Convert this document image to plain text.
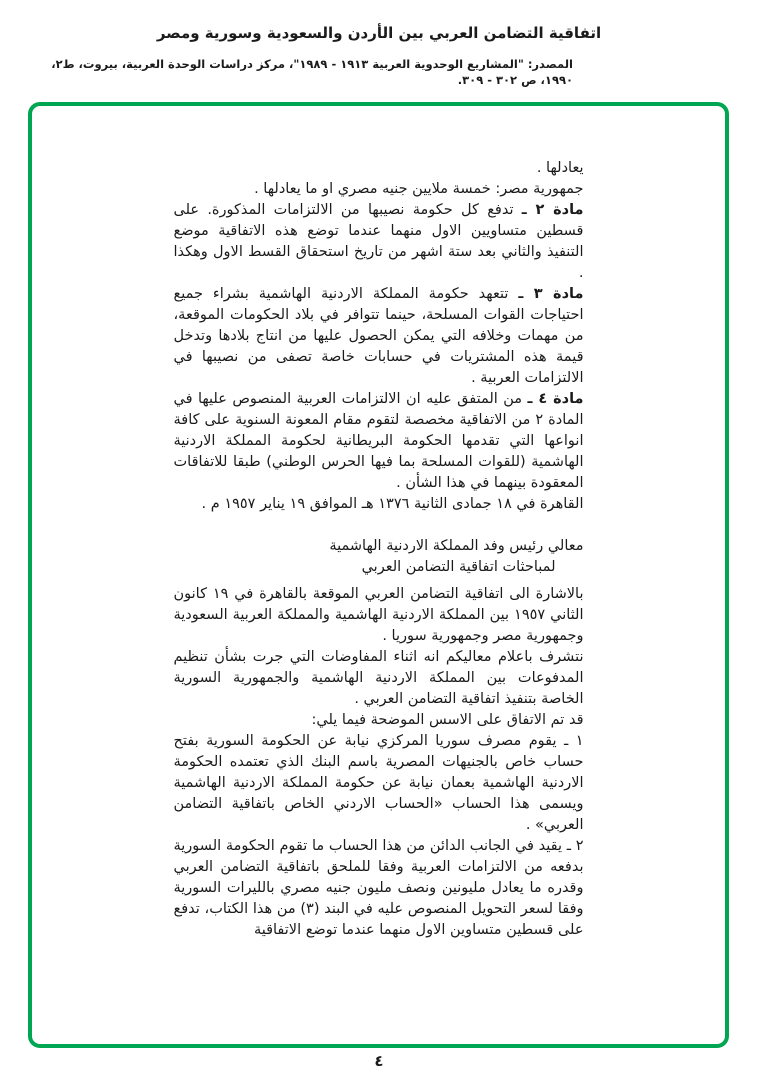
اتفاقية التضامن العربي بين الأردن والسعودية وسورية ومصر
المصدر: "المشاريع الوحدوية العربية ١٩١٣ - ١٩٨٩"، مركز دراسات الوحدة العربية، بيروت، ط٢، ١٩٩٠، ص ٣٠٢ - ٣٠٩.

يعادلها .

جمهورية مصر: خمسة ملايين جنيه مصري او ما يعادلها .

مادة ٢ ـ تدفع كل حكومة نصيبها من الالتزامات المذكورة. على قسطين متساويين الاول منهما عندما توضع هذه الاتفاقية موضع التنفيذ والثاني بعد ستة اشهر من تاريخ استحقاق القسط الاول وهكذا .

مادة ٣ ـ تتعهد حكومة المملكة الاردنية الهاشمية بشراء جميع احتياجات القوات المسلحة، حينما تتوافر في بلاد الحكومات الموقعة، من مهمات وخلافه التي يمكن الحصول عليها من انتاج بلادها وتدخل قيمة هذه المشتريات في حسابات خاصة تصفى من نصيبها في الالتزامات العربية .

مادة ٤ ـ من المتفق عليه ان الالتزامات العربية المنصوص عليها في المادة ٢ من الاتفاقية مخصصة لتقوم مقام المعونة السنوية على كافة انواعها التي تقدمها الحكومة البريطانية لحكومة المملكة الاردنية الهاشمية (للقوات المسلحة بما فيها الحرس الوطني) طبقا للاتفاقات المعقودة بينهما في هذا الشأن .

القاهرة في ١٨ جمادى الثانية ١٣٧٦ هـ الموافق ١٩ يناير ١٩٥٧ م .

معالي رئيس وفد المملكة الاردنية الهاشمية

لمباحثات اتفاقية التضامن العربي

بالاشارة الى اتفاقية التضامن العربي الموقعة بالقاهرة في ١٩ كانون الثاني ١٩٥٧ بين المملكة الاردنية الهاشمية والمملكة العربية السعودية وجمهورية مصر وجمهورية سوريا .

نتشرف باعلام معاليكم انه اثناء المفاوضات التي جرت بشأن تنظيم المدفوعات بين المملكة الاردنية الهاشمية والجمهورية السورية الخاصة بتنفيذ اتفاقية التضامن العربي .

قد تم الاتفاق على الاسس الموضحة فيما يلي:

١ ـ يقوم مصرف سوريا المركزي نيابة عن الحكومة السورية بفتح حساب خاص بالجنيهات المصرية باسم البنك الذي تعتمده الحكومة الاردنية الهاشمية بعمان نيابة عن حكومة المملكة الاردنية الهاشمية ويسمى هذا الحساب «الحساب الاردني الخاص باتفاقية التضامن العربي» .

٢ ـ يقيد في الجانب الدائن من هذا الحساب ما تقوم الحكومة السورية بدفعه من الالتزامات العربية وفقا للملحق باتفاقية التضامن العربي وقدره ما يعادل مليونين ونصف مليون جنيه مصري بالليرات السورية وفقا لسعر التحويل المنصوص عليه في البند (٣) من هذا الكتاب، تدفع على قسطين متساوين الاول منهما عندما توضع الاتفاقية

٤
